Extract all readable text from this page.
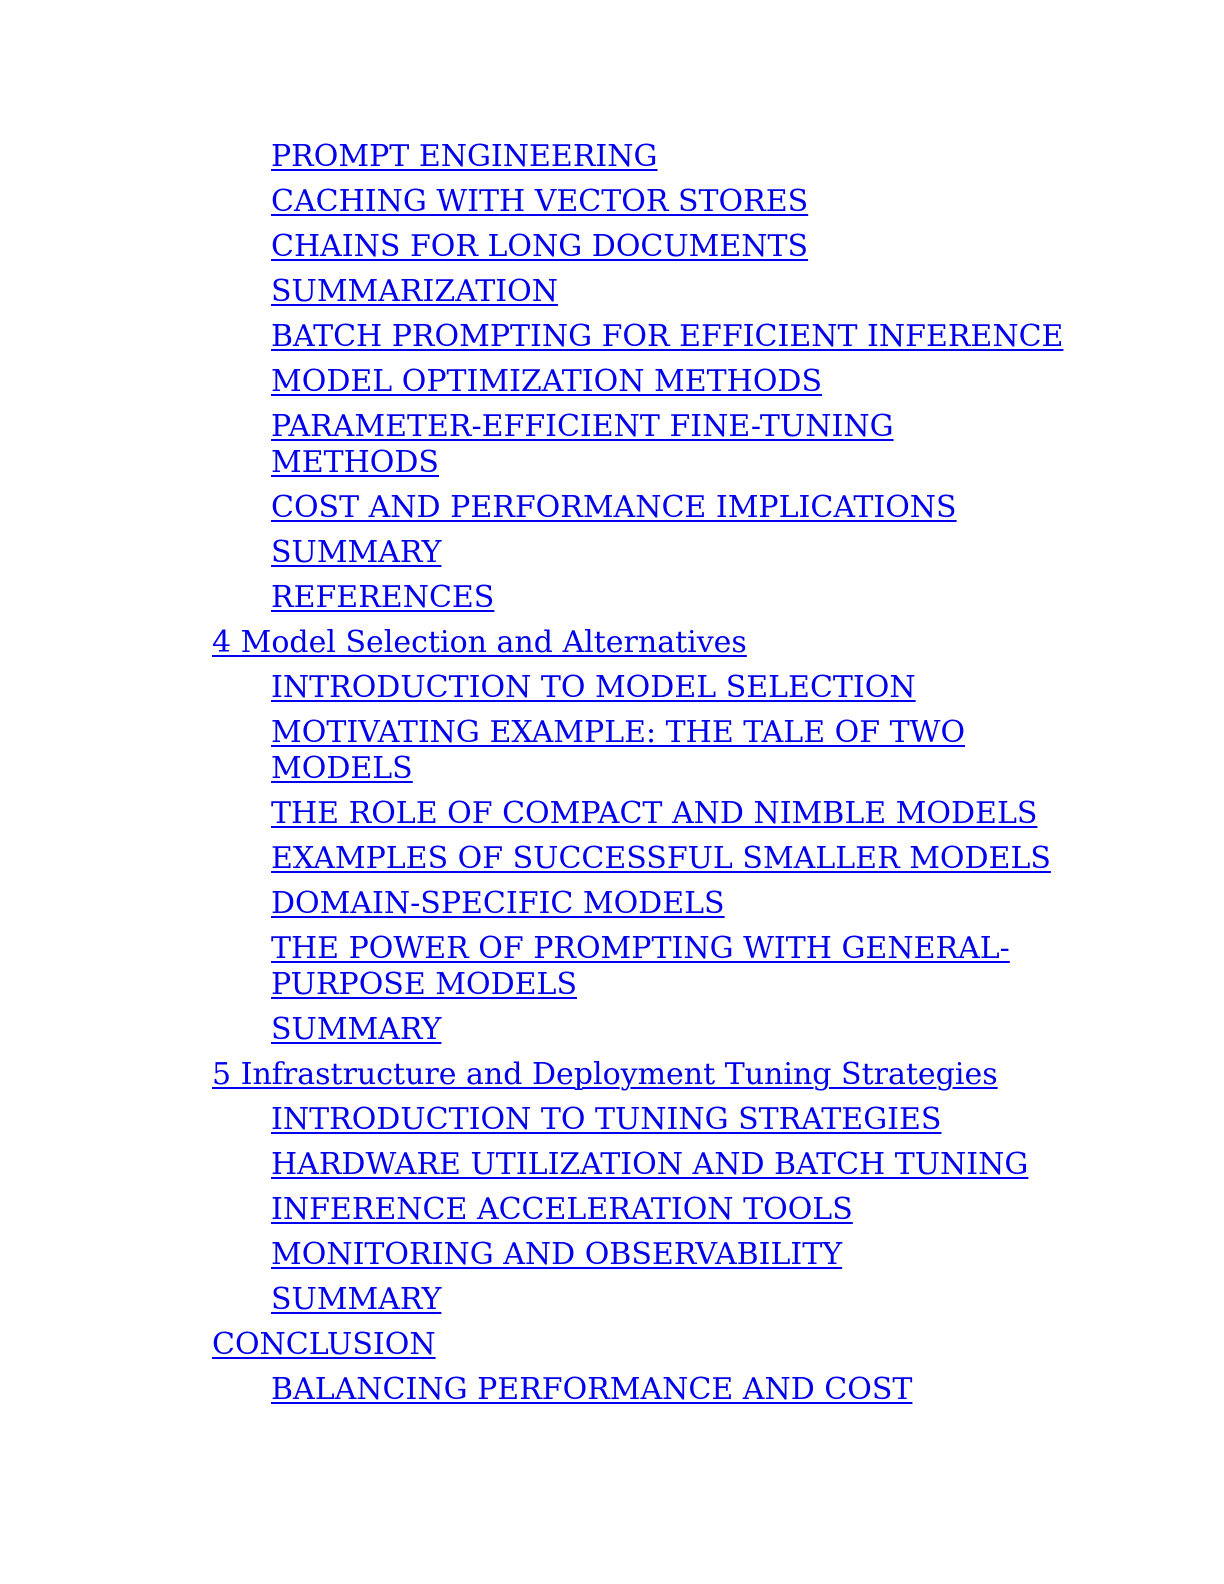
PROMPT ENGINEERING
CACHING WITH VECTOR STORES
CHAINS FOR LONG DOCUMENTS
SUMMARIZATION
BATCH PROMPTING FOR EFFICIENT INFERENCE
MODEL OPTIMIZATION METHODS
PARAMETER-EFFICIENT FINE-TUNING METHODS
COST AND PERFORMANCE IMPLICATIONS
SUMMARY
REFERENCES
4 Model Selection and Alternatives
INTRODUCTION TO MODEL SELECTION
MOTIVATING EXAMPLE: THE TALE OF TWO MODELS
THE ROLE OF COMPACT AND NIMBLE MODELS
EXAMPLES OF SUCCESSFUL SMALLER MODELS
DOMAIN-SPECIFIC MODELS
THE POWER OF PROMPTING WITH GENERAL-PURPOSE MODELS
SUMMARY
5 Infrastructure and Deployment Tuning Strategies
INTRODUCTION TO TUNING STRATEGIES
HARDWARE UTILIZATION AND BATCH TUNING
INFERENCE ACCELERATION TOOLS
MONITORING AND OBSERVABILITY
SUMMARY
CONCLUSION
BALANCING PERFORMANCE AND COST
